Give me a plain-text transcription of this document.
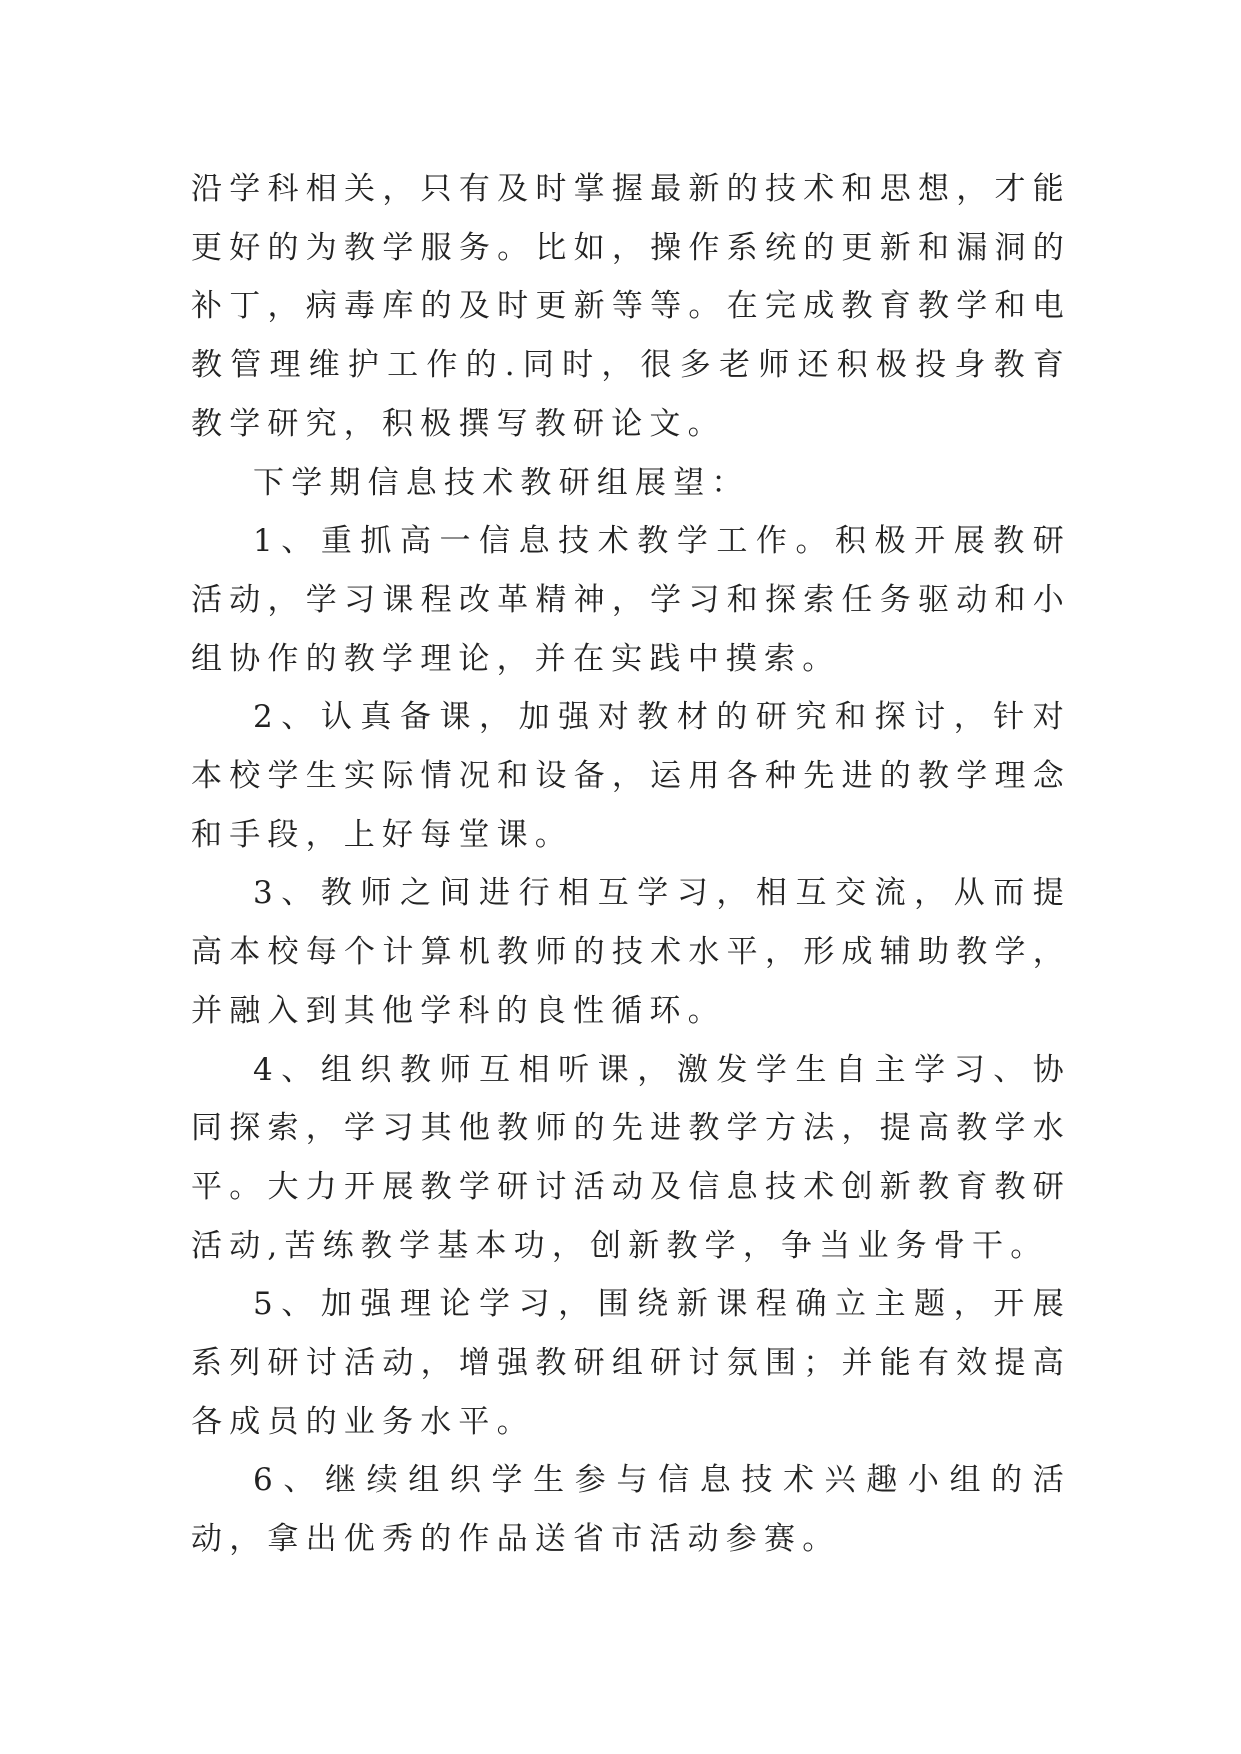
沿学科相关，只有及时掌握最新的技术和思想，才能更好的为教学服务。比如，操作系统的更新和漏洞的补丁，病毒库的及时更新等等。在完成教育教学和电教管理维护工作的.同时，很多老师还积极投身教育教学研究，积极撰写教研论文。

下学期信息技术教研组展望：

1、重抓高一信息技术教学工作。积极开展教研活动，学习课程改革精神，学习和探索任务驱动和小组协作的教学理论，并在实践中摸索。

2、认真备课，加强对教材的研究和探讨，针对本校学生实际情况和设备，运用各种先进的教学理念和手段，上好每堂课。

3、教师之间进行相互学习，相互交流，从而提高本校每个计算机教师的技术水平，形成辅助教学，并融入到其他学科的良性循环。

4、组织教师互相听课，激发学生自主学习、协同探索，学习其他教师的先进教学方法，提高教学水平。大力开展教学研讨活动及信息技术创新教育教研活动,苦练教学基本功，创新教学，争当业务骨干。

5、加强理论学习，围绕新课程确立主题，开展系列研讨活动，增强教研组研讨氛围；并能有效提高各成员的业务水平。

6、继续组织学生参与信息技术兴趣小组的活动，拿出优秀的作品送省市活动参赛。
